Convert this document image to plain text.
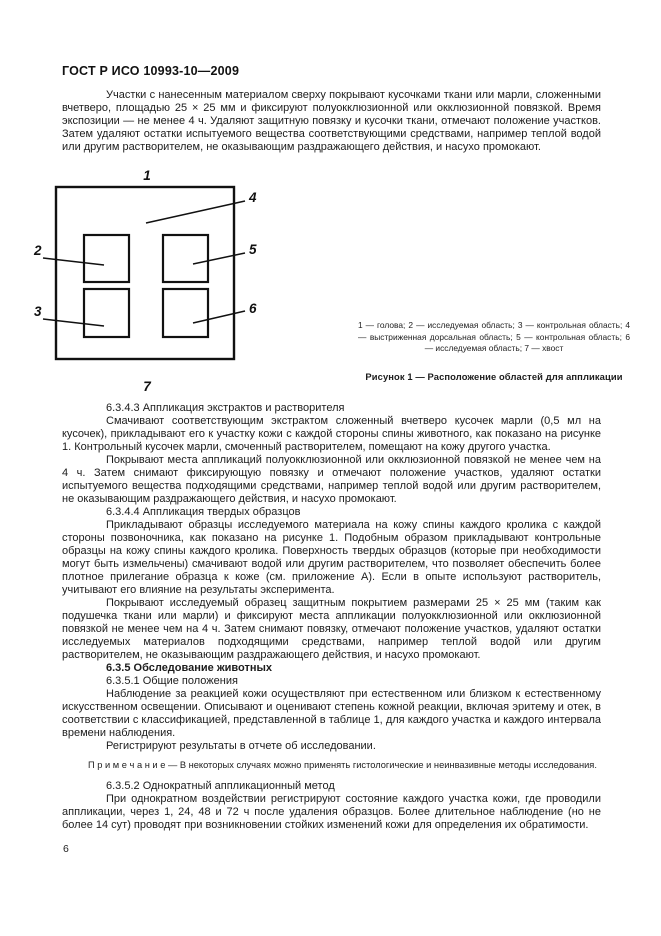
ГОСТ Р ИСО 10993-10—2009

Участки с нанесенным материалом сверху покрывают кусочками ткани или марли, сложенными вчетверо, площадью 25 × 25 мм и фиксируют полуокклюзионной или окклюзионной повязкой. Время экспозиции — не менее 4 ч. Удаляют защитную повязку и кусочки ткани, отмечают положение участков. Затем удаляют остатки испытуемого вещества соответствующими средствами, например теплой водой или другим растворителем, не оказывающим раздражающего действия, и насухо промокают.

1
2
3
4
5
6
7
1 — голова; 2 — исследуемая область; 3 — контрольная область; 4 — выстриженная дорсальная область; 5 — контрольная область; 6 — исследуемая область; 7 — хвост
Рисунок 1 — Расположение областей для аппликации

6.3.4.3 Аппликация экстрактов и растворителя

Смачивают соответствующим экстрактом сложенный вчетверо кусочек марли (0,5 мл на кусочек), прикладывают его к участку кожи с каждой стороны спины животного, как показано на рисунке 1. Контрольный кусочек марли, смоченный растворителем, помещают на кожу другого участка.

Покрывают места аппликаций полуокклюзионной или окклюзионной повязкой не менее чем на 4 ч. Затем снимают фиксирующую повязку и отмечают положение участков, удаляют остатки испытуемого вещества подходящими средствами, например теплой водой или другим растворителем, не оказывающим раздражающего действия, и насухо промокают.

6.3.4.4 Аппликация твердых образцов

Прикладывают образцы исследуемого материала на кожу спины каждого кролика с каждой стороны позвоночника, как показано на рисунке 1. Подобным образом прикладывают контрольные образцы на кожу спины каждого кролика. Поверхность твердых образцов (которые при необходимости могут быть измельчены) смачивают водой или другим растворителем, что позволяет обеспечить более плотное прилегание образца к коже (см. приложение А). Если в опыте используют растворитель, учитывают его влияние на результаты эксперимента.

Покрывают исследуемый образец защитным покрытием размерами 25 × 25 мм (таким как подушечка ткани или марли) и фиксируют места аппликации полуокклюзионной или окклюзионной повязкой не менее чем на 4 ч. Затем снимают повязку, отмечают положение участков, удаляют остатки исследуемых материалов подходящими средствами, например теплой водой или другим растворителем, не оказывающим раздражающего действия, и насухо промокают.

6.3.5 Обследование животных

6.3.5.1 Общие положения

Наблюдение за реакцией кожи осуществляют при естественном или близком к естественному искусственном освещении. Описывают и оценивают степень кожной реакции, включая эритему и отек, в соответствии с классификацией, представленной в таблице 1, для каждого участка и каждого интервала времени наблюдения.

Регистрируют результаты в отчете об исследовании.

П р и м е ч а н и е — В некоторых случаях можно применять гистологические и неинвазивные методы исследования.

6.3.5.2 Однократный аппликационный метод

При однократном воздействии регистрируют состояние каждого участка кожи, где проводили аппликации, через 1, 24, 48 и 72 ч после удаления образцов. Более длительное наблюдение (но не более 14 сут) проводят при возникновении стойких изменений кожи для определения их обратимости.

6
